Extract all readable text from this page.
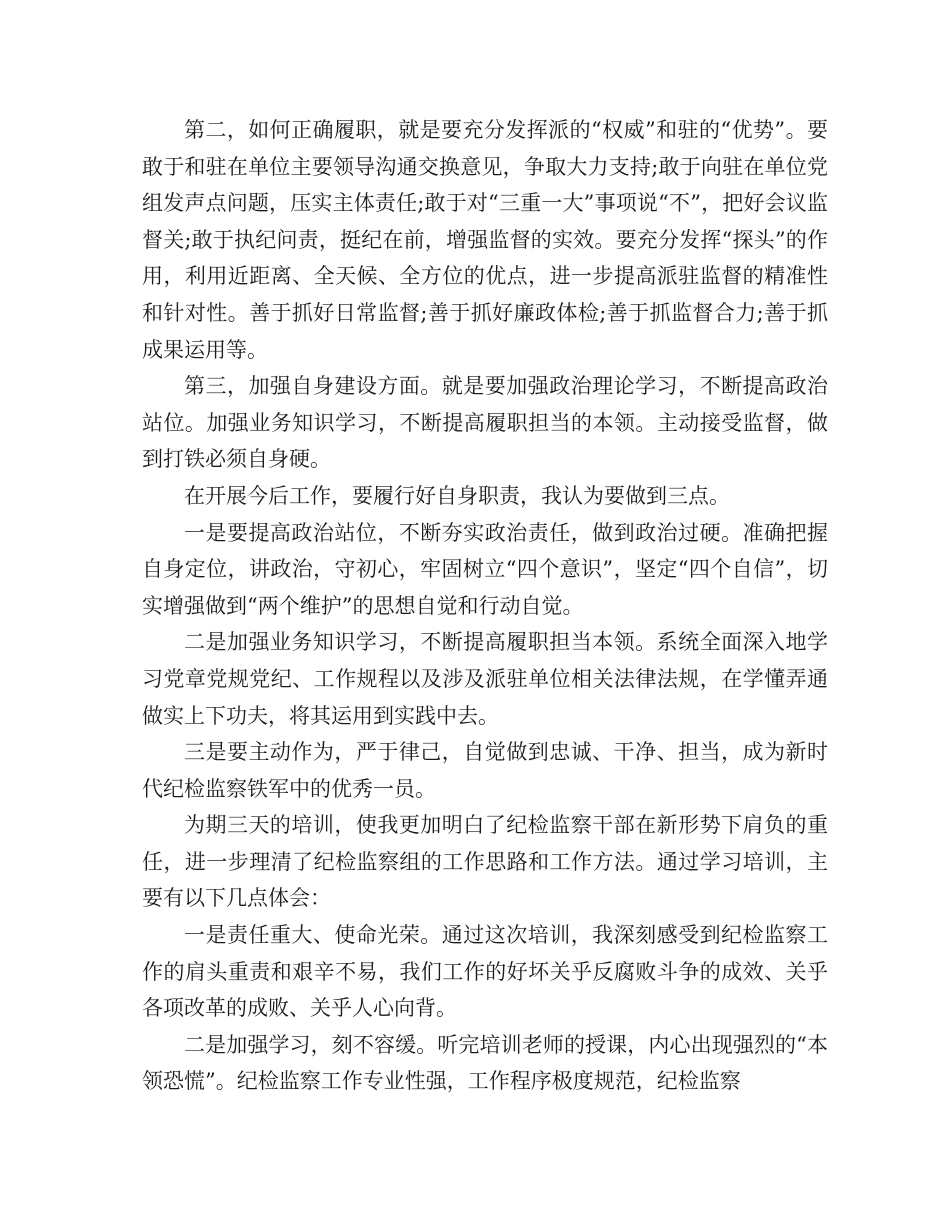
第二，如何正确履职，就是要充分发挥派的“权威”和驻的“优势”。要敢于和驻在单位主要领导沟通交换意见，争取大力支持;敢于向驻在单位党组发声点问题，压实主体责任;敢于对“三重一大”事项说“不”，把好会议监督关;敢于执纪问责，挺纪在前，增强监督的实效。要充分发挥“探头”的作用，利用近距离、全天候、全方位的优点，进一步提高派驻监督的精准性和针对性。善于抓好日常监督;善于抓好廉政体检;善于抓监督合力;善于抓成果运用等。

第三，加强自身建设方面。就是要加强政治理论学习，不断提高政治站位。加强业务知识学习，不断提高履职担当的本领。主动接受监督，做到打铁必须自身硬。

在开展今后工作，要履行好自身职责，我认为要做到三点。

一是要提高政治站位，不断夯实政治责任，做到政治过硬。准确把握自身定位，讲政治，守初心，牢固树立“四个意识”，坚定“四个自信”，切实增强做到“两个维护”的思想自觉和行动自觉。

二是加强业务知识学习，不断提高履职担当本领。系统全面深入地学习党章党规党纪、工作规程以及涉及派驻单位相关法律法规，在学懂弄通做实上下功夫，将其运用到实践中去。

三是要主动作为，严于律己，自觉做到忠诚、干净、担当，成为新时代纪检监察铁军中的优秀一员。

为期三天的培训，使我更加明白了纪检监察干部在新形势下肩负的重任，进一步理清了纪检监察组的工作思路和工作方法。通过学习培训，主要有以下几点体会：

一是责任重大、使命光荣。通过这次培训，我深刻感受到纪检监察工作的肩头重责和艰辛不易，我们工作的好坏关乎反腐败斗争的成效、关乎各项改革的成败、关乎人心向背。

二是加强学习，刻不容缓。听完培训老师的授课，内心出现强烈的“本领恐慌”。纪检监察工作专业性强，工作程序极度规范，纪检监察
